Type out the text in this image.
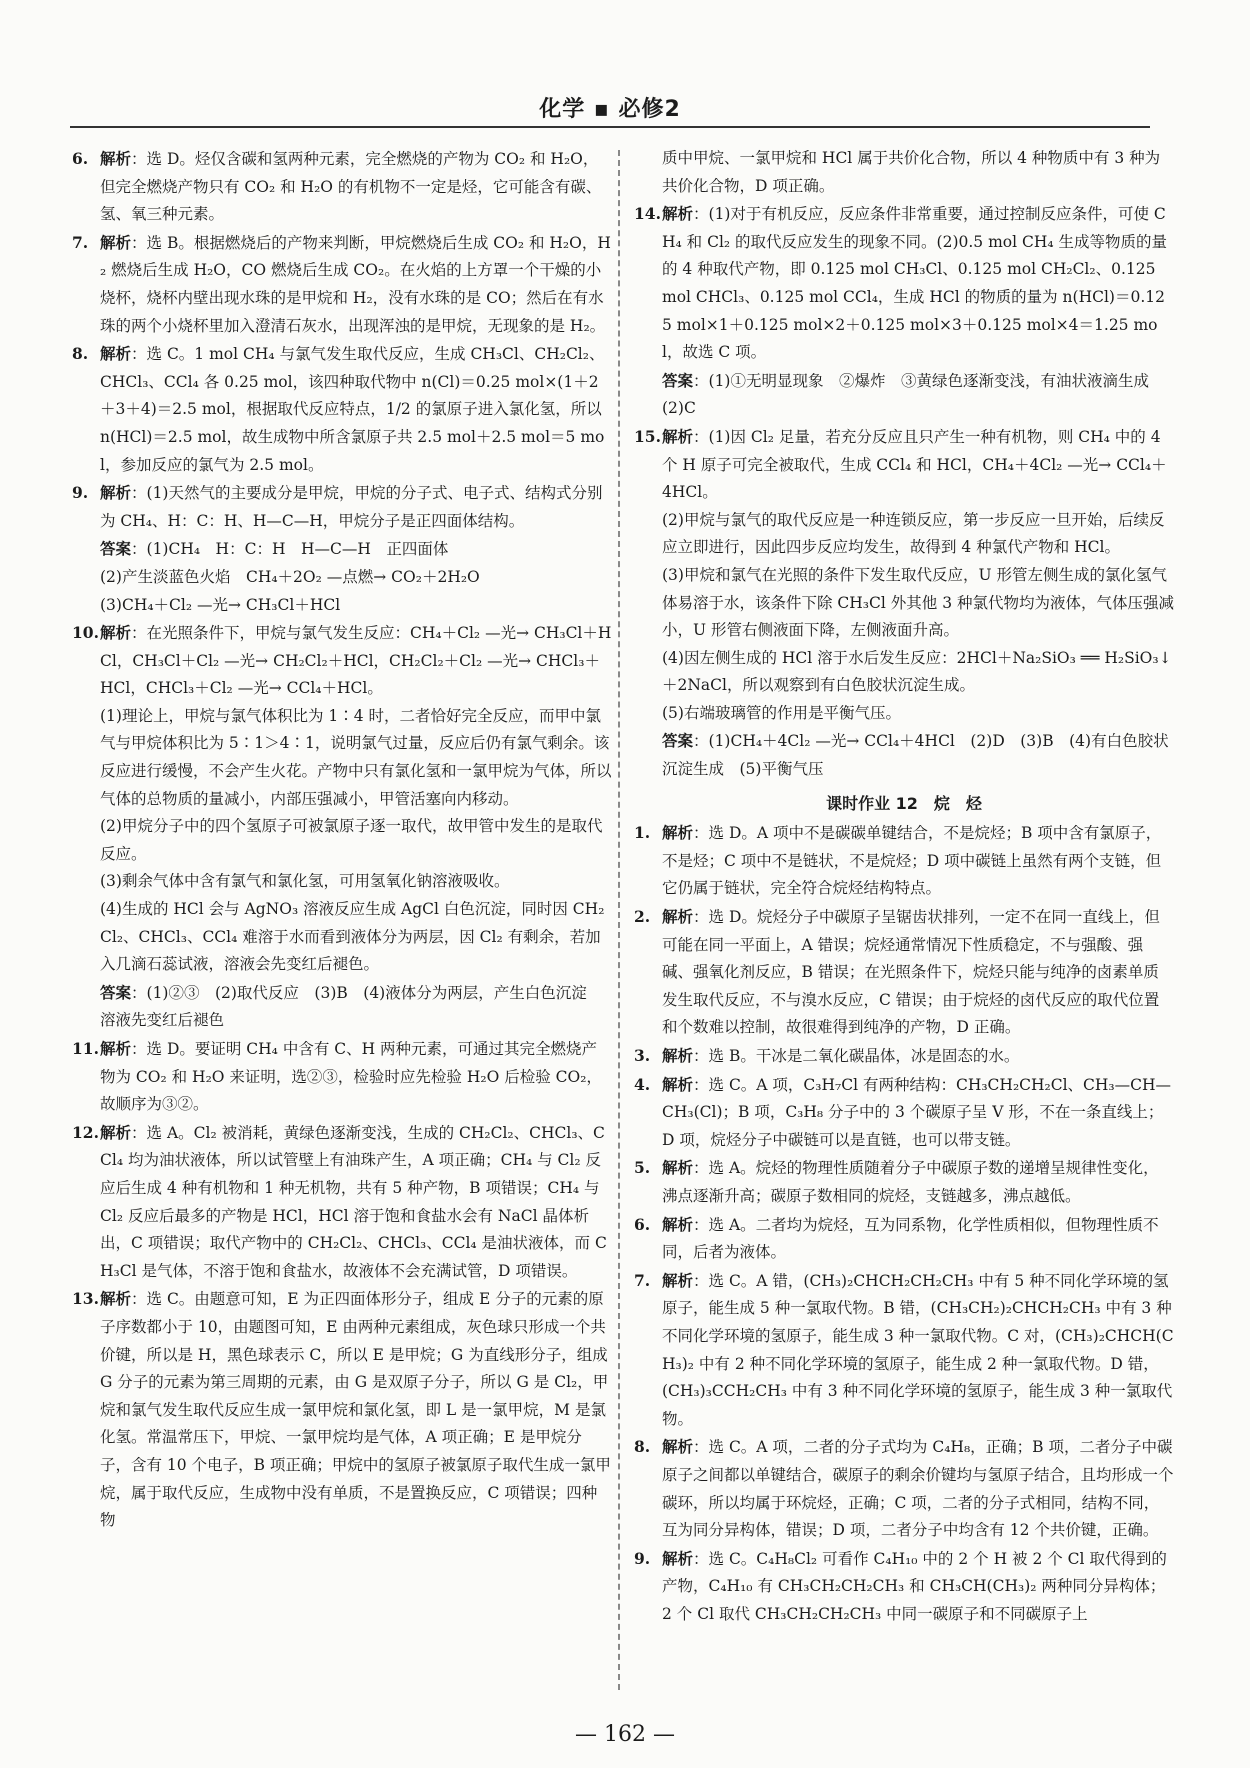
化学 ▪ 必修2
6. 解析：选 D。烃仅含碳和氢两种元素，完全燃烧的产物为 CO₂ 和 H₂O，但完全燃烧产物只有 CO₂ 和 H₂O 的有机物不一定是烃，它可能含有碳、氢、氧三种元素。
7. 解析：选 B。根据燃烧后的产物来判断，甲烷燃烧后生成 CO₂ 和 H₂O，H₂ 燃烧后生成 H₂O，CO 燃烧后生成 CO₂。在火焰的上方罩一个干燥的小烧杯，烧杯内壁出现水珠的是甲烷和 H₂，没有水珠的是 CO；然后在有水珠的两个小烧杯里加入澄清石灰水，出现浑浊的是甲烷，无现象的是 H₂。
8. 解析：选 C。1 mol CH₄ 与氯气发生取代反应，生成 CH₃Cl、CH₂Cl₂、CHCl₃、CCl₄ 各 0.25 mol，该四种取代物中 n(Cl)＝0.25 mol×(1＋2＋3＋4)＝2.5 mol，根据取代反应特点，1/2 的氯原子进入氯化氢，所以 n(HCl)＝2.5 mol，故生成物中所含氯原子共 2.5 mol＋2.5 mol＝5 mol，参加反应的氯气为 2.5 mol。
9. 解析：(1)天然气的主要成分是甲烷，甲烷的分子式、电子式、结构式分别为 CH₄、H：C：H、H—C—H，甲烷分子是正四面体结构。
答案：(1)CH₄　H：C：H　H—C—H　正四面体
(2)产生淡蓝色火焰　CH₄＋2O₂ —点燃→ CO₂＋2H₂O
(3)CH₄＋Cl₂ —光→ CH₃Cl＋HCl
10. 解析：在光照条件下，甲烷与氯气发生反应：CH₄＋Cl₂ —光→ CH₃Cl＋HCl，CH₃Cl＋Cl₂ —光→ CH₂Cl₂＋HCl，CH₂Cl₂＋Cl₂ —光→ CHCl₃＋HCl，CHCl₃＋Cl₂ —光→ CCl₄＋HCl。
(1)理论上，甲烷与氯气体积比为 1∶4 时，二者恰好完全反应，而甲中氯气与甲烷体积比为 5∶1＞4∶1，说明氯气过量，反应后仍有氯气剩余。该反应进行缓慢，不会产生火花。产物中只有氯化氢和一氯甲烷为气体，所以气体的总物质的量减小，内部压强减小，甲管活塞向内移动。
(2)甲烷分子中的四个氢原子可被氯原子逐一取代，故甲管中发生的是取代反应。
(3)剩余气体中含有氯气和氯化氢，可用氢氧化钠溶液吸收。
(4)生成的 HCl 会与 AgNO₃ 溶液反应生成 AgCl 白色沉淀，同时因 CH₂Cl₂、CHCl₃、CCl₄ 难溶于水而看到液体分为两层，因 Cl₂ 有剩余，若加入几滴石蕊试液，溶液会先变红后褪色。
答案：(1)②③　(2)取代反应　(3)B　(4)液体分为两层，产生白色沉淀　溶液先变红后褪色
11. 解析：选 D。要证明 CH₄ 中含有 C、H 两种元素，可通过其完全燃烧产物为 CO₂ 和 H₂O 来证明，选②③，检验时应先检验 H₂O 后检验 CO₂，故顺序为③②。
12. 解析：选 A。Cl₂ 被消耗，黄绿色逐渐变浅，生成的 CH₂Cl₂、CHCl₃、CCl₄ 均为油状液体，所以试管壁上有油珠产生，A 项正确；CH₄ 与 Cl₂ 反应后生成 4 种有机物和 1 种无机物，共有 5 种产物，B 项错误；CH₄ 与 Cl₂ 反应后最多的产物是 HCl，HCl 溶于饱和食盐水会有 NaCl 晶体析出，C 项错误；取代产物中的 CH₂Cl₂、CHCl₃、CCl₄ 是油状液体，而 CH₃Cl 是气体，不溶于饱和食盐水，故液体不会充满试管，D 项错误。
13. 解析：选 C。由题意可知，E 为正四面体形分子，组成 E 分子的元素的原子序数都小于 10，由题图可知，E 由两种元素组成，灰色球只形成一个共价键，所以是 H，黑色球表示 C，所以 E 是甲烷；G 为直线形分子，组成 G 分子的元素为第三周期的元素，由 G 是双原子分子，所以 G 是 Cl₂，甲烷和氯气发生取代反应生成一氯甲烷和氯化氢，即 L 是一氯甲烷，M 是氯化氢。常温常压下，甲烷、一氯甲烷均是气体，A 项正确；E 是甲烷分子，含有 10 个电子，B 项正确；甲烷中的氢原子被氯原子取代生成一氯甲烷，属于取代反应，生成物中没有单质，不是置换反应，C 项错误；四种物
质中甲烷、一氯甲烷和 HCl 属于共价化合物，所以 4 种物质中有 3 种为共价化合物，D 项正确。
14. 解析：(1)对于有机反应，反应条件非常重要，通过控制反应条件，可使 CH₄ 和 Cl₂ 的取代反应发生的现象不同。(2)0.5 mol CH₄ 生成等物质的量的 4 种取代产物，即 0.125 mol CH₃Cl、0.125 mol CH₂Cl₂、0.125 mol CHCl₃、0.125 mol CCl₄，生成 HCl 的物质的量为 n(HCl)＝0.125 mol×1＋0.125 mol×2＋0.125 mol×3＋0.125 mol×4＝1.25 mol，故选 C 项。
答案：(1)①无明显现象　②爆炸　③黄绿色逐渐变浅，有油状液滴生成　(2)C
15. 解析：(1)因 Cl₂ 足量，若充分反应且只产生一种有机物，则 CH₄ 中的 4 个 H 原子可完全被取代，生成 CCl₄ 和 HCl，CH₄＋4Cl₂ —光→ CCl₄＋4HCl。
(2)甲烷与氯气的取代反应是一种连锁反应，第一步反应一旦开始，后续反应立即进行，因此四步反应均发生，故得到 4 种氯代产物和 HCl。
(3)甲烷和氯气在光照的条件下发生取代反应，U 形管左侧生成的氯化氢气体易溶于水，该条件下除 CH₃Cl 外其他 3 种氯代物均为液体，气体压强减小，U 形管右侧液面下降，左侧液面升高。
(4)因左侧生成的 HCl 溶于水后发生反应：2HCl＋Na₂SiO₃ ══ H₂SiO₃↓＋2NaCl，所以观察到有白色胶状沉淀生成。
(5)右端玻璃管的作用是平衡气压。
答案：(1)CH₄＋4Cl₂ —光→ CCl₄＋4HCl　(2)D　(3)B　(4)有白色胶状沉淀生成　(5)平衡气压
课时作业 12　烷　烃
1. 解析：选 D。A 项中不是碳碳单键结合，不是烷烃；B 项中含有氯原子，不是烃；C 项中不是链状，不是烷烃；D 项中碳链上虽然有两个支链，但它仍属于链状，完全符合烷烃结构特点。
2. 解析：选 D。烷烃分子中碳原子呈锯齿状排列，一定不在同一直线上，但可能在同一平面上，A 错误；烷烃通常情况下性质稳定，不与强酸、强碱、强氧化剂反应，B 错误；在光照条件下，烷烃只能与纯净的卤素单质发生取代反应，不与溴水反应，C 错误；由于烷烃的卤代反应的取代位置和个数难以控制，故很难得到纯净的产物，D 正确。
3. 解析：选 B。干冰是二氧化碳晶体，冰是固态的水。
4. 解析：选 C。A 项，C₃H₇Cl 有两种结构：CH₃CH₂CH₂Cl、CH₃—CH—CH₃(Cl)；B 项，C₃H₈ 分子中的 3 个碳原子呈 V 形，不在一条直线上；D 项，烷烃分子中碳链可以是直链，也可以带支链。
5. 解析：选 A。烷烃的物理性质随着分子中碳原子数的递增呈规律性变化，沸点逐渐升高；碳原子数相同的烷烃，支链越多，沸点越低。
6. 解析：选 A。二者均为烷烃，互为同系物，化学性质相似，但物理性质不同，后者为液体。
7. 解析：选 C。A 错，(CH₃)₂CHCH₂CH₂CH₃ 中有 5 种不同化学环境的氢原子，能生成 5 种一氯取代物。B 错，(CH₃CH₂)₂CHCH₂CH₃ 中有 3 种不同化学环境的氢原子，能生成 3 种一氯取代物。C 对，(CH₃)₂CHCH(CH₃)₂ 中有 2 种不同化学环境的氢原子，能生成 2 种一氯取代物。D 错，(CH₃)₃CCH₂CH₃ 中有 3 种不同化学环境的氢原子，能生成 3 种一氯取代物。
8. 解析：选 C。A 项，二者的分子式均为 C₄H₈，正确；B 项，二者分子中碳原子之间都以单键结合，碳原子的剩余价键均与氢原子结合，且均形成一个碳环，所以均属于环烷烃，正确；C 项，二者的分子式相同，结构不同，互为同分异构体，错误；D 项，二者分子中均含有 12 个共价键，正确。
9. 解析：选 C。C₄H₈Cl₂ 可看作 C₄H₁₀ 中的 2 个 H 被 2 个 Cl 取代得到的产物，C₄H₁₀ 有 CH₃CH₂CH₂CH₃ 和 CH₃CH(CH₃)₂ 两种同分异构体；2 个 Cl 取代 CH₃CH₂CH₂CH₃ 中同一碳原子和不同碳原子上
— 162 —
